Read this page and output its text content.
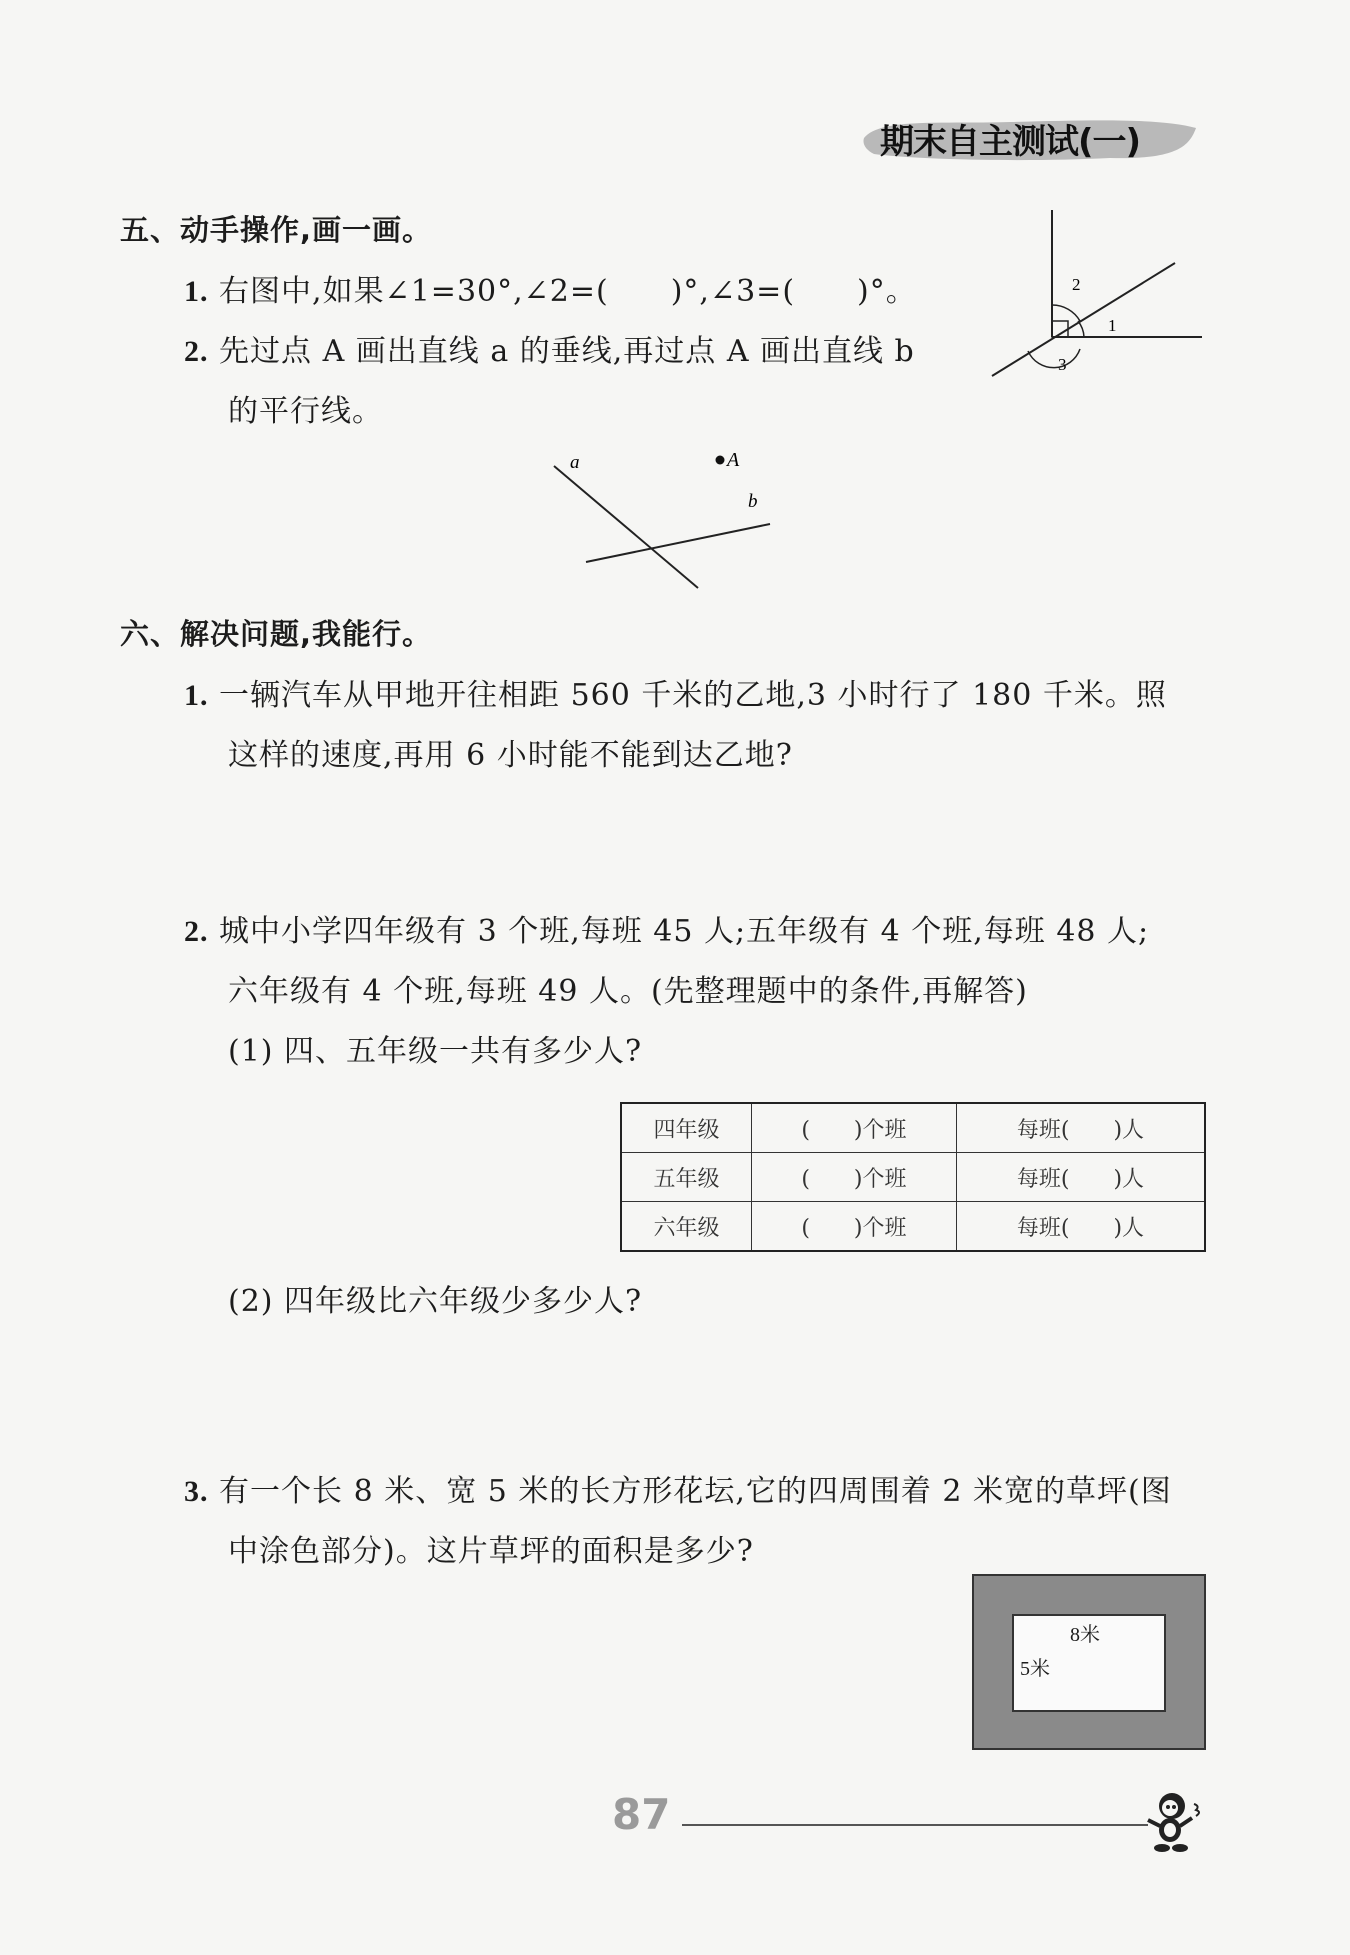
期末自主测试(一)
五、动手操作,画一画。
1. 右图中,如果∠1=30°,∠2=(　　)°,∠3=(　　)°。
2. 先过点 A 画出直线 a 的垂线,再过点 A 画出直线 b
的平行线。
2
1
3
a
b
A
六、解决问题,我能行。
1. 一辆汽车从甲地开往相距 560 千米的乙地,3 小时行了 180 千米。照
这样的速度,再用 6 小时能不能到达乙地?
2. 城中小学四年级有 3 个班,每班 45 人;五年级有 4 个班,每班 48 人;
六年级有 4 个班,每班 49 人。(先整理题中的条件,再解答)
(1) 四、五年级一共有多少人?
四年级	(　　)个班	每班(　　)人
五年级	(　　)个班	每班(　　)人
六年级	(　　)个班	每班(　　)人
(2) 四年级比六年级少多少人?
3. 有一个长 8 米、宽 5 米的长方形花坛,它的四周围着 2 米宽的草坪(图
中涂色部分)。这片草坪的面积是多少?
8米
5米
87
